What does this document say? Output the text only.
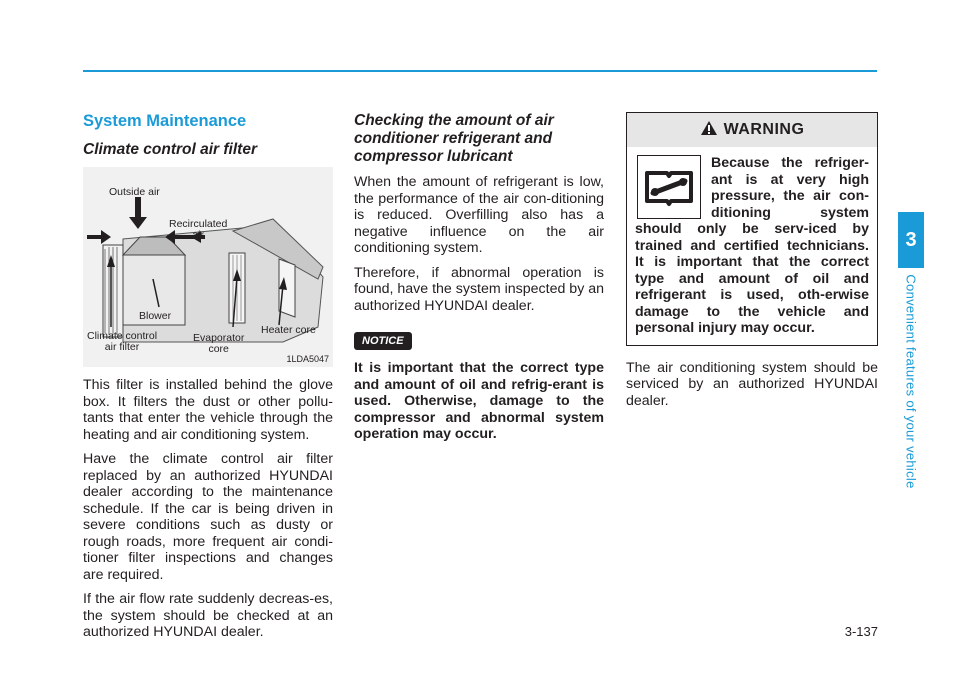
3
Convenient features of your vehicle
System Maintenance
Climate control air filter
Outside air
Recirculated
air
Blower
Climate control
air filter
Evaporator
core
Heater core
1LDA5047

This filter is installed behind the glove box. It filters the dust or other pollu-tants that enter the vehicle through the heating and air conditioning system.

Have the climate control air filter replaced by an authorized HYUNDAI dealer according to the maintenance schedule. If the car is being driven in severe conditions such as dusty or rough roads, more frequent air condi-tioner filter inspections and changes are required.

If the air flow rate suddenly decreas-es, the system should be checked at an authorized HYUNDAI dealer.

Checking the amount of air conditioner refrigerant and compressor lubricant

When the amount of refrigerant is low, the performance of the air con-ditioning is reduced. Overfilling also has a negative influence on the air conditioning system.

Therefore, if abnormal operation is found, have the system inspected by an authorized HYUNDAI dealer.

NOTICE

It is important that the correct type and amount of oil and refrig-erant is used. Otherwise, damage to the compressor and abnormal system operation may occur.

WARNING
Because the refriger-ant is at very high pressure, the air con-ditioning system should only be serv-iced by trained and certified technicians. It is important that the correct type and amount of oil and refrigerant is used, oth-erwise damage to the vehicle and personal injury may occur.

The air conditioning system should be serviced by an authorized HYUNDAI dealer.

3-137
